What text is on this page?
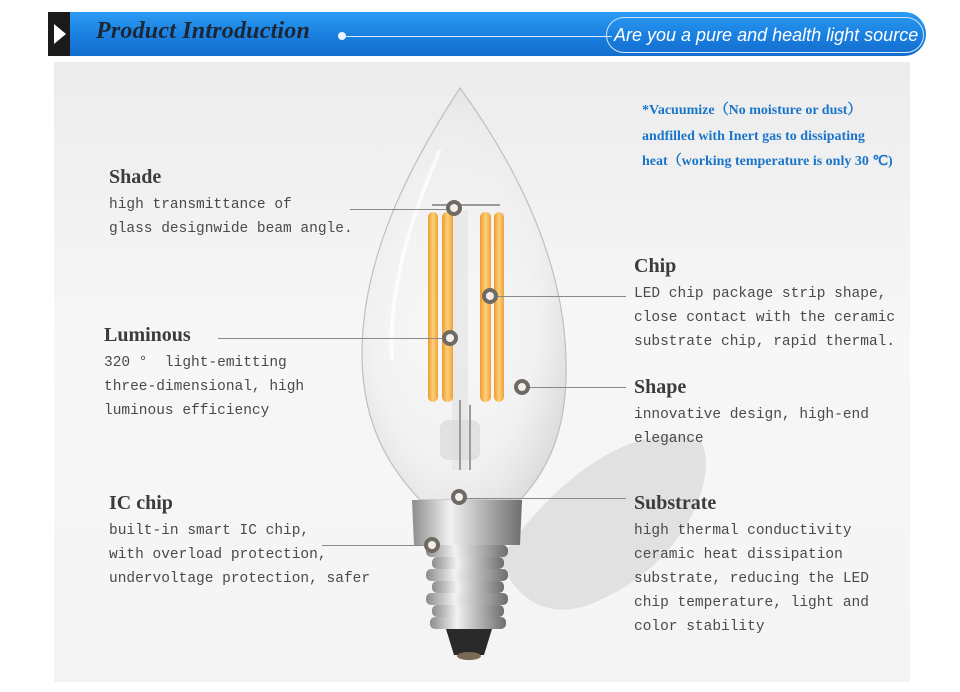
Product Introduction	Are you a pure and health light source
*Vacuumize（No moisture or dust）
andfilled with Inert gas to dissipating
heat（working temperature is only 30 ℃)
Shade
high transmittance of
glass designwide beam angle.
Luminous
320 °  light-emitting
three-dimensional, high
luminous efficiency
IC chip
built-in smart IC chip,
with overload protection,
undervoltage protection, safer
Chip
LED chip package strip shape,
close contact with the ceramic
substrate chip, rapid thermal.
Shape
innovative design, high-end
elegance
Substrate
high thermal conductivity
ceramic heat dissipation
substrate, reducing the LED
chip temperature, light and
color stability
